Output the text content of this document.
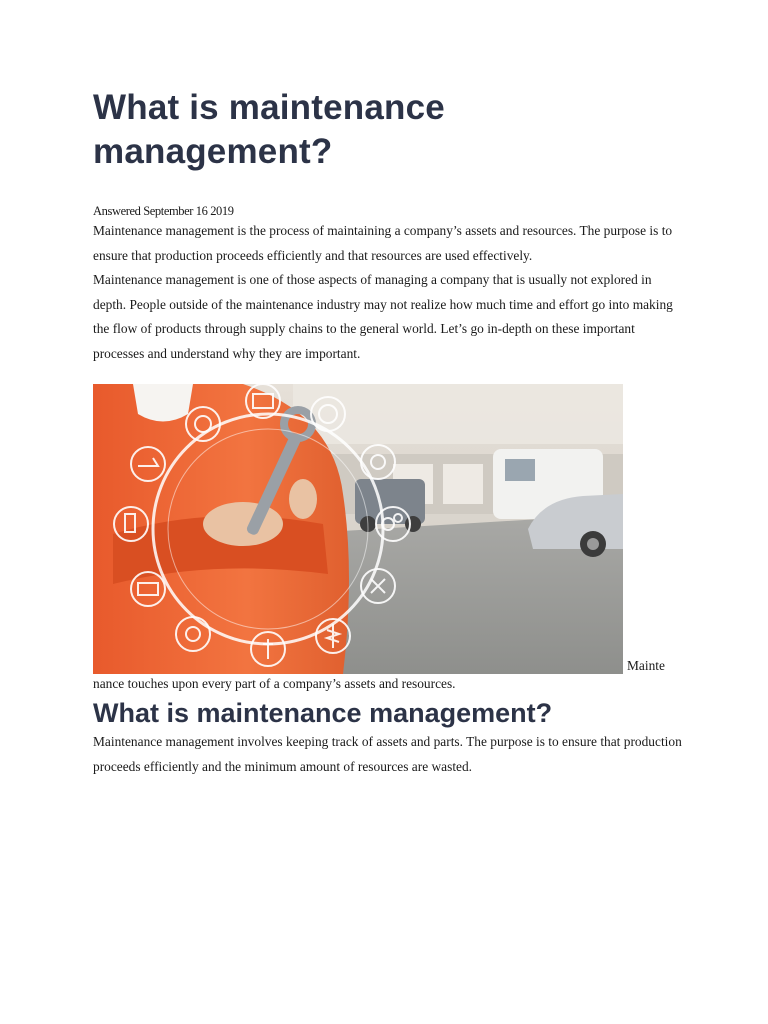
What is maintenance management?
Answered September 16 2019

Maintenance management is the process of maintaining a company’s assets and resources. The purpose is to ensure that production proceeds efficiently and that resources are used effectively.

Maintenance management is one of those aspects of managing a company that is usually not explored in depth. People outside of the maintenance industry may not realize how much time and effort go into making the flow of products through supply chains to the general world. Let’s go in-depth on these important processes and understand why they are important.

Mainte
nance touches upon every part of a company’s assets and resources.
What is maintenance management?

Maintenance management involves keeping track of assets and parts. The purpose is to ensure that production proceeds efficiently and the minimum amount of resources are wasted.
